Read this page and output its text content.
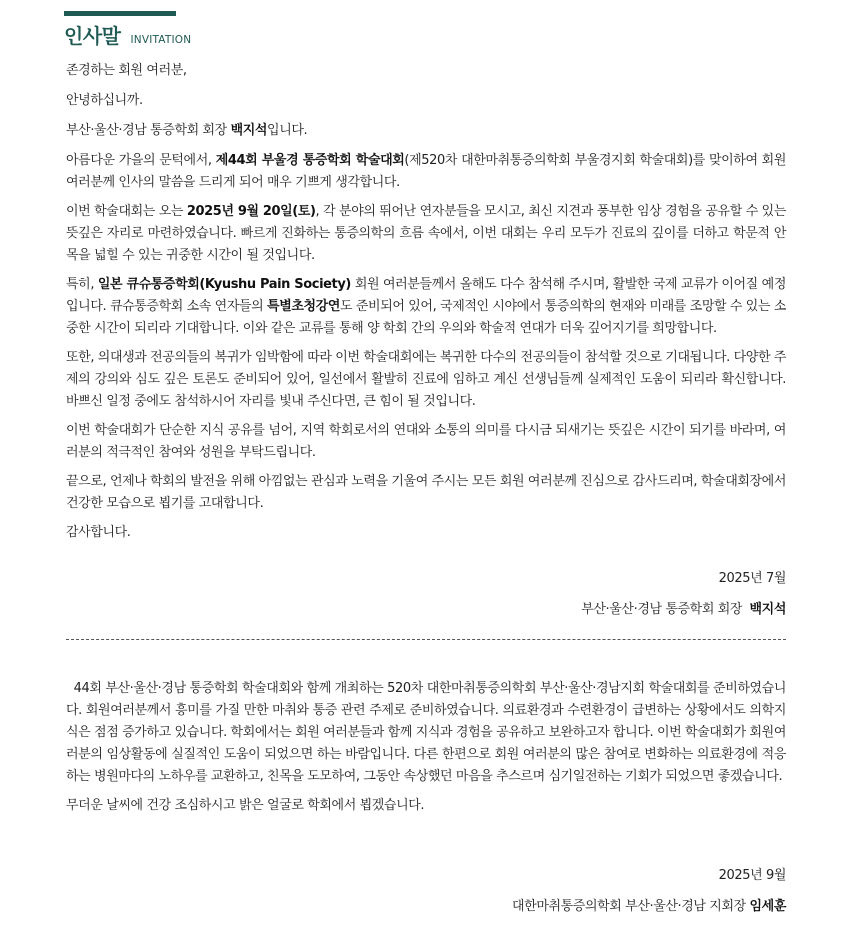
인사말 INVITATION

존경하는 회원 여러분,

안녕하십니까.

부산·울산·경남 통증학회 회장 백지석입니다.

아름다운 가을의 문턱에서, 제44회 부울경 통증학회 학술대회(제520차 대한마취통증의학회 부울경지회 학술대회)를 맞이하여 회원 여러분께 인사의 말씀을 드리게 되어 매우 기쁘게 생각합니다.

이번 학술대회는 오는 2025년 9월 20일(토), 각 분야의 뛰어난 연자분들을 모시고, 최신 지견과 풍부한 임상 경험을 공유할 수 있는 뜻깊은 자리로 마련하였습니다. 빠르게 진화하는 통증의학의 흐름 속에서, 이번 대회는 우리 모두가 진료의 깊이를 더하고 학문적 안목을 넓힐 수 있는 귀중한 시간이 될 것입니다.

특히, 일본 큐슈통증학회(Kyushu Pain Society) 회원 여러분들께서 올해도 다수 참석해 주시며, 활발한 국제 교류가 이어질 예정입니다. 큐슈통증학회 소속 연자들의 특별초청강연도 준비되어 있어, 국제적인 시야에서 통증의학의 현재와 미래를 조망할 수 있는 소중한 시간이 되리라 기대합니다. 이와 같은 교류를 통해 양 학회 간의 우의와 학술적 연대가 더욱 깊어지기를 희망합니다.

또한, 의대생과 전공의들의 복귀가 임박함에 따라 이번 학술대회에는 복귀한 다수의 전공의들이 참석할 것으로 기대됩니다. 다양한 주제의 강의와 심도 깊은 토론도 준비되어 있어, 일선에서 활발히 진료에 임하고 계신 선생님들께 실제적인 도움이 되리라 확신합니다. 바쁘신 일정 중에도 참석하시어 자리를 빛내 주신다면, 큰 힘이 될 것입니다.

이번 학술대회가 단순한 지식 공유를 넘어, 지역 학회로서의 연대와 소통의 의미를 다시금 되새기는 뜻깊은 시간이 되기를 바라며, 여러분의 적극적인 참여와 성원을 부탁드립니다.

끝으로, 언제나 학회의 발전을 위해 아낌없는 관심과 노력을 기울여 주시는 모든 회원 여러분께 진심으로 감사드리며, 학술대회장에서 건강한 모습으로 뵙기를 고대합니다.

감사합니다.

2025년 7월
부산·울산·경남 통증학회 회장 백지석

44회 부산·울산·경남 통증학회 학술대회와 함께 개최하는 520차 대한마취통증의학회 부산·울산·경남지회 학술대회를 준비하였습니다. 회원여러분께서 흥미를 가질 만한 마취와 통증 관련 주제로 준비하였습니다. 의료환경과 수련환경이 급변하는 상황에서도 의학지식은 점점 증가하고 있습니다. 학회에서는 회원 여러분들과 함께 지식과 경험을 공유하고 보완하고자 합니다. 이번 학술대회가 회원여러분의 임상활동에 실질적인 도움이 되었으면 하는 바람입니다. 다른 한편으로 회원 여러분의 많은 참여로 변화하는 의료환경에 적응하는 병원마다의 노하우를 교환하고, 친목을 도모하여, 그동안 속상했던 마음을 추스르며 심기일전하는 기회가 되었으면 좋겠습니다.

무더운 날씨에 건강 조심하시고 밝은 얼굴로 학회에서 뵙겠습니다.

2025년 9월
대한마취통증의학회 부산·울산·경남 지회장 임세훈
